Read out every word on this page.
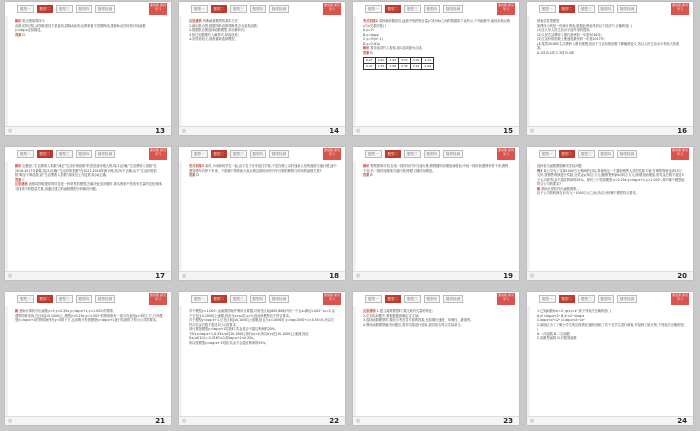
题型一	题型二	题型三	题型四	随堂检测
课堂篇 探究学习
解析 散点图如图所示
由散点图可知,从图象看其不是直线,排除A选项;从图象看不是抛物线,排除B;由图可知可用函数
y=log₂x近似描述。
答案 D
◎	13
题型一	题型二	题型三	题型四	随堂检测
课堂篇 探究学习
反思感悟 判断函数模型的基本方法
1.画出散点图,根据图形直观判断是否为某类函数;
2.根据散点图选择函数模型,求出解析式;
3.将已知数据代入解析式,检验误差;
4.若误差较大,则需重新选择模型。
◎	14
题型一	题型二	题型三	题型四	随堂检测
课堂篇 探究学习
变式训练2 某种新药服用后,血液中的药物含量y与时间x之间的数据如下表所示,下列函数中,能较好地反映y与x关系的是( )
A.y=2ˣ
B.y=log₂x
C.y=½(x²-1)
D.y=2.61x
解析 将各选项代入检验,故C选项最为合适。
答案 B
0.97	2.00	2.94	3.37	4.00	4.12
0.97	1.59	1.98	2.35	2.61	2.96
◎	15
题型一	题型二	题型三	题型四	随堂检测
课堂篇 探究学习
图表信息型模型
如图所示的是一份统计图表,根据此图表得到以下说法中,正确的是( )
(1)这几年人民生活水平逐年得到提高;
(2)人民生活费收入增长最快的一年是2016年;
(3)生活价格指数上涨速度最快的一年是2017年;
(4)虽然2018年生活费收入增长缓慢,但由于生活价格指数下降幅度较大,所以人民生活水平有较大的改善。
A.1项 B.2项 C.3项 D.4项
◎	16
题型一	题型二	题型三	题型四	随堂检测
课堂篇 探究学习
解析 由题意,"生活费收入指数"减去"生活价格指数"的差是逐年增大的,故(1)正确;"生活费收入指数"在2016-2017年最陡,故(2)正确;"生活价格指数"在2017-2018年最平缓,故(3)不正确;由于"生活价格指数"略呈下降趋势,而"生活费收入指数"曲线呈上升趋势,故(4)正确。
答案 C
反思感悟 表格或图象提供的信息是一种常见的模型,在解决此类问题时,要从图象中发现有关量的变化规律,寻找其中的数量关系,再通过建立的函数模型分析解决问题。
◎	17
题型一	题型二	题型三	题型四	随堂检测
课堂篇 探究学习
变式训练3 某时,小雨和同学在一起,由于急于开车赶往学校,于是在路上以时速某公里的速度匀速行驶,途中遇到堵车后停下车来。下面哪个图象能大致反映这段时间内汽车行驶的路程与时间的函数关系?
答案 D
◎	18
题型一	题型二	题型三	题型四	随堂检测
课堂篇 探究学习
解析 观察图象可知,在前一段时间汽车匀速行驶,路程随时间增加而增加;中间一段时间遇堵车停下来,路程不变;后一段时间继续匀速行驶,路程又随时间增加。
答案 B
◎	19
题型一	题型二	题型三	题型四	随堂检测
课堂篇 探究学习
选择恰当函数模型解决实际问题
例3 某公司为了实现1000万元利润的目标,准备制定一个激励销售人员的奖励方案:在销售利润达到10万元时,按销售利润进行奖励,且奖金y(单位:万元)随销售利润x(单位:万元)的增加而增加,但奖金总数不超过5万元,同时奖金不超过利润的25%。现有三个奖励模型:y=0.25x,y=log₇x+1,y=1.002ˣ,其中哪个模型能符合公司的要求?
解 借助计算机作出函数图象...
由于公司的利润在10万元~1000万元之间,所以分析哪个模型符合要求。
◎	20
题型一	题型二	题型三	题型四	随堂检测
课堂篇 探究学习
解 借助计算机作出函数y=5,y=0.25x,y=log₇x+1,y=1.002ˣ的图象,
观察图象发现,在区间[10,1000]上,模型y=0.25x,y=1.002ˣ的图象都有一部分在直线y=5的上方,只有模型y=log₇x+1的图象始终在y=5的下方,这说明只有按模型y=log₇x+1进行奖励时才符合公司的要求。
◎	21
题型一	题型二	题型三	题型四	随堂检测
课堂篇 探究学习
对于模型y=1.002ˣ,由函数图象并利用计算器,可知在区间(805,806)内有一个点x₀满足1.002^x₀=5,由于它在[10,1000]上递增,因此当x>x₀时,y>5,因此该模型也不符合要求。
对于模型y=log₇x+1,它在区间[10,1000]上递增,而且当x=1000时,y=log₇1000+1≈4.55<5,所以它符合奖金总数不超过5万元的要求。
再计算按模型y=log₇x+1奖励时,奖金是否不超过利润的25%。
令f(x)=log₇x+1-0.25x,x∈[10,1000],则f'(x)<0,所以f(x)在[10,1000]上递减,因此f(x)≤f(10)≈-0.3167<0,即log₇x+1<0.25x。
所以按模型y=log₇x+1奖励,奖金不会超过利润的25%。
◎	22
题型一	题型二	题型三	题型四	随堂检测
课堂篇 探究学习
反思感悟 1.建立函数模型时,要注意有关量的特征;
2.在实际问题中,要根据题意确定定义域;
3.选择函数模型时,要综合考虑各方面的因素,比如增长速度、单调性、最值等。
4.利用函数模型解决问题后,需对结果进行检验,看其是否符合实际意义。
◎	23
题型一	题型二	题型三	题型四	随堂检测
课堂篇 探究学习
1.已知函数f(x)=2ˣ,g(x)=x²,则下列说法正确的是( )
A.x²<log₂x<2ˣ B.x²<2ˣ<log₂x
C.log₂x<x²<2ˣ D.log₂x<2ˣ<x²
2.某地区为了了解小学生的近视情况,随机抽取了若干名学生进行调查,并绘制了统计图,下列说法正确的是( )
A.一次函数 B.二次函数
C.指数型函数 D.对数型函数
◎	24
